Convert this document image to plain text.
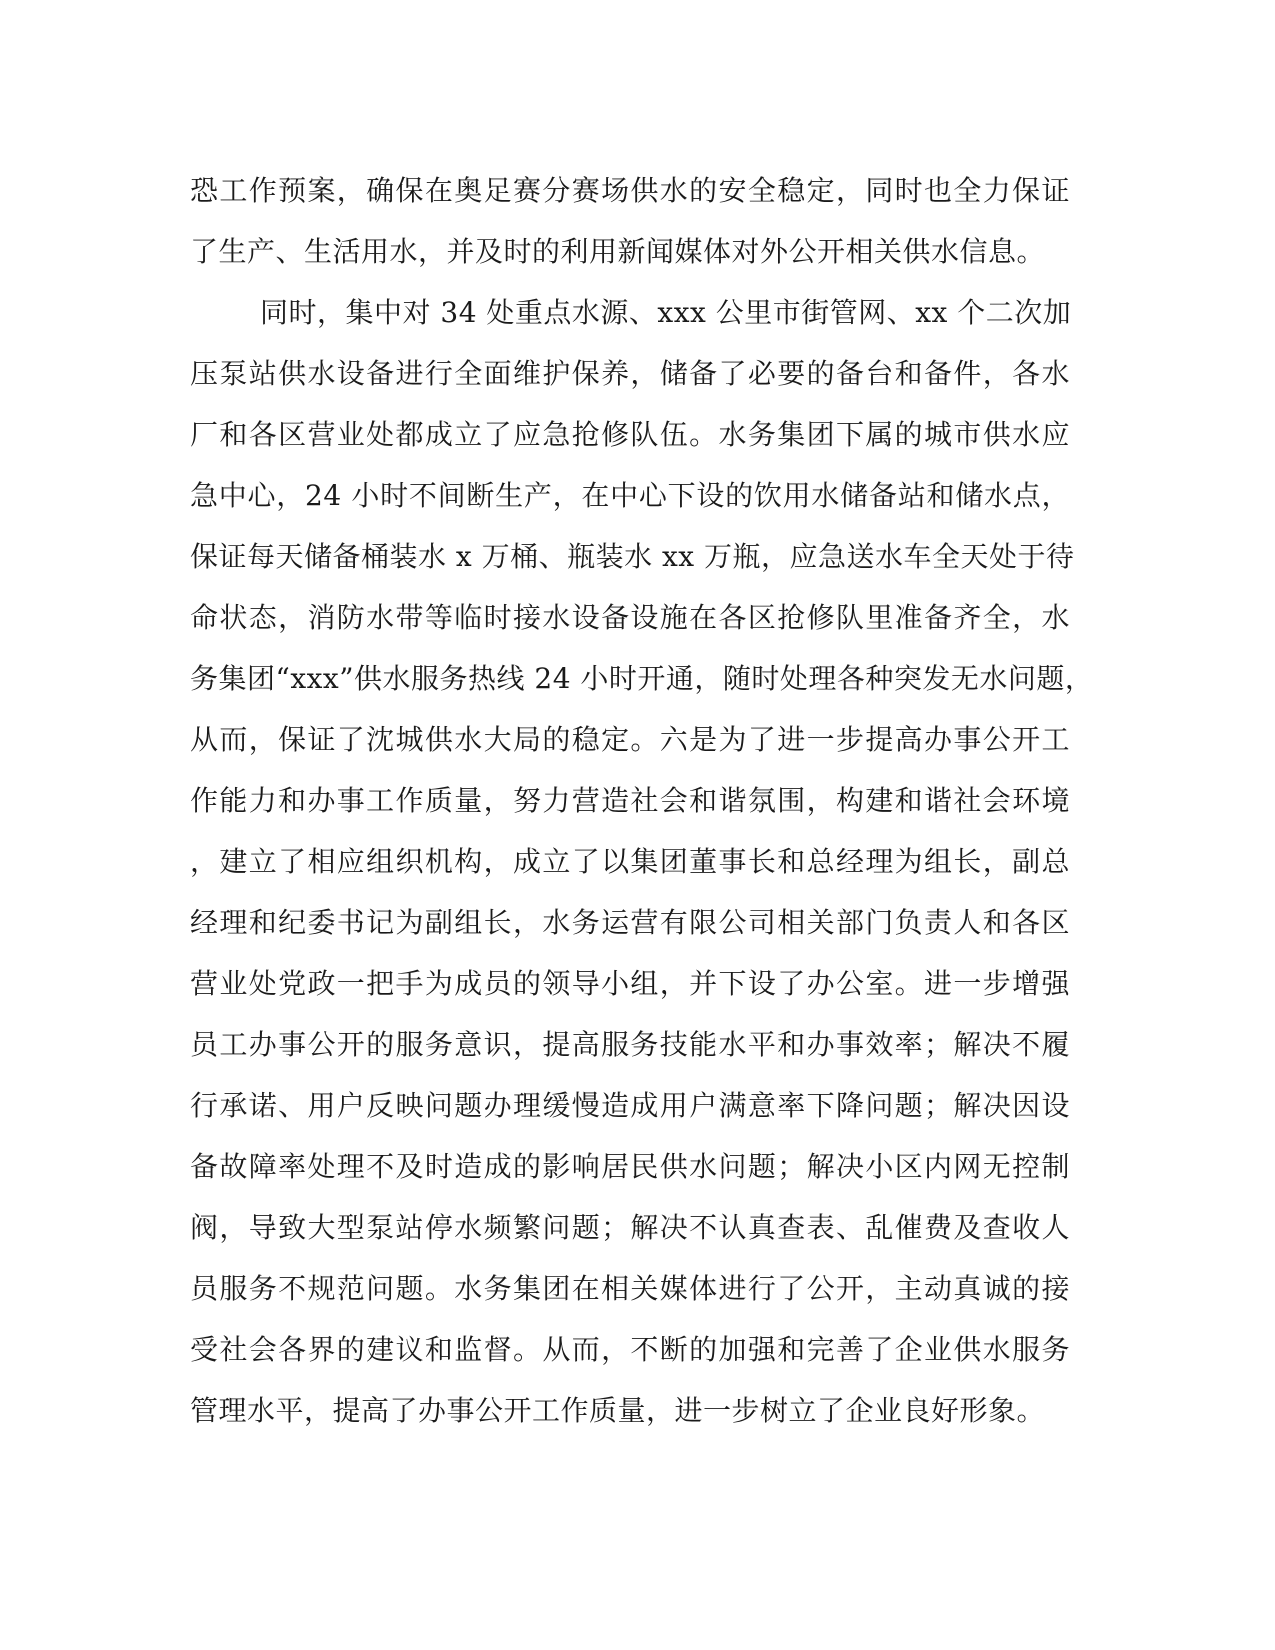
恐工作预案，确保在奥足赛分赛场供水的安全稳定，同时也全力保证
了生产、生活用水，并及时的利用新闻媒体对外公开相关供水信息。
同时，集中对 34 处重点水源、xxx 公里市街管网、xx 个二次加
压泵站供水设备进行全面维护保养，储备了必要的备台和备件，各水
厂和各区营业处都成立了应急抢修队伍。水务集团下属的城市供水应
急中心，24 小时不间断生产，在中心下设的饮用水储备站和储水点，
保证每天储备桶装水 x 万桶、瓶装水 xx 万瓶，应急送水车全天处于待
命状态，消防水带等临时接水设备设施在各区抢修队里准备齐全，水
务集团“xxx”供水服务热线 24 小时开通，随时处理各种突发无水问题，
从而，保证了沈城供水大局的稳定。六是为了进一步提高办事公开工
作能力和办事工作质量，努力营造社会和谐氛围，构建和谐社会环境
，建立了相应组织机构，成立了以集团董事长和总经理为组长，副总
经理和纪委书记为副组长，水务运营有限公司相关部门负责人和各区
营业处党政一把手为成员的领导小组，并下设了办公室。进一步增强
员工办事公开的服务意识，提高服务技能水平和办事效率；解决不履
行承诺、用户反映问题办理缓慢造成用户满意率下降问题；解决因设
备故障率处理不及时造成的影响居民供水问题；解决小区内网无控制
阀，导致大型泵站停水频繁问题；解决不认真查表、乱催费及查收人
员服务不规范问题。水务集团在相关媒体进行了公开，主动真诚的接
受社会各界的建议和监督。从而，不断的加强和完善了企业供水服务
管理水平，提高了办事公开工作质量，进一步树立了企业良好形象。
